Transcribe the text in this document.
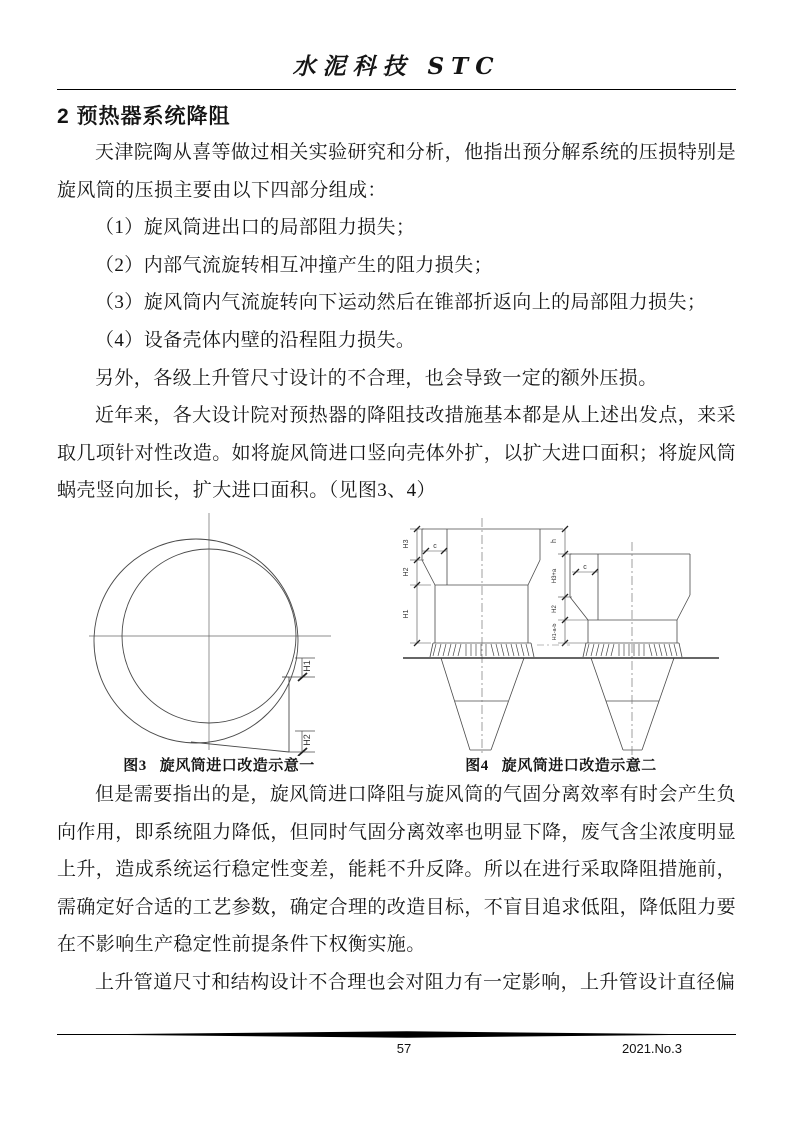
水泥科技 STC
2 预热器系统降阻

天津院陶从喜等做过相关实验研究和分析，他指出预分解系统的压损特别是旋风筒的压损主要由以下四部分组成：

（1）旋风筒进出口的局部阻力损失；

（2）内部气流旋转相互冲撞产生的阻力损失；

（3）旋风筒内气流旋转向下运动然后在锥部折返向上的局部阻力损失；

（4）设备壳体内壁的沿程阻力损失。

另外，各级上升管尺寸设计的不合理，也会导致一定的额外压损。

近年来，各大设计院对预热器的降阻技改措施基本都是从上述出发点，来采取几项针对性改造。如将旋风筒进口竖向壳体外扩，以扩大进口面积；将旋风筒蜗壳竖向加长，扩大进口面积。（见图3、4）

H1
H2
图3 旋风筒进口改造示意一
H3
H2
H1
c
h
H3+a
H2
H1-a-b
c
图4 旋风筒进口改造示意二

但是需要指出的是，旋风筒进口降阻与旋风筒的气固分离效率有时会产生负向作用，即系统阻力降低，但同时气固分离效率也明显下降，废气含尘浓度明显上升，造成系统运行稳定性变差，能耗不升反降。所以在进行采取降阻措施前，需确定好合适的工艺参数，确定合理的改造目标，不盲目追求低阻，降低阻力要在不影响生产稳定性前提条件下权衡实施。

上升管道尺寸和结构设计不合理也会对阻力有一定影响，上升管设计直径偏

57	2021.No.3
